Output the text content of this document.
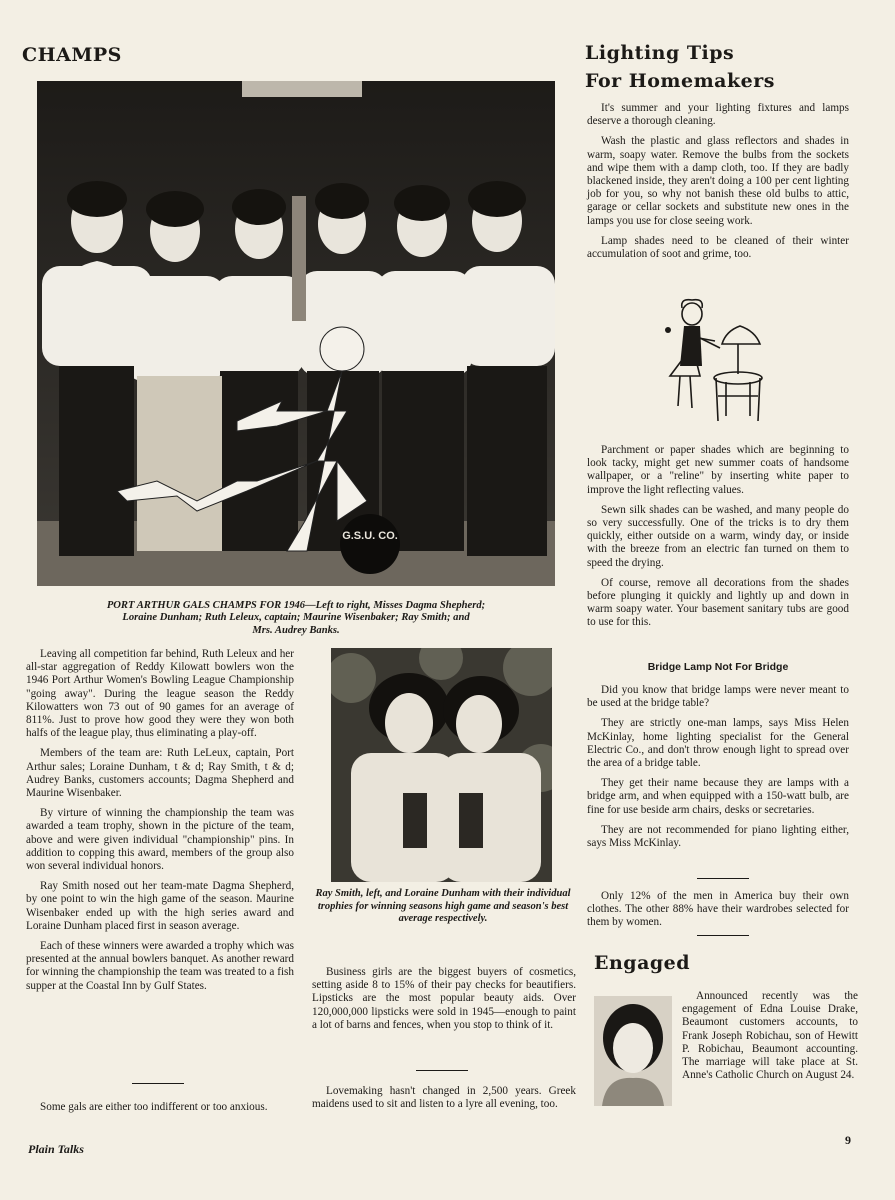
CHAMPS	Lighting Tips
For Homemakers
G.S.U. CO.
PORT ARTHUR GALS CHAMPS FOR 1946—Left to right, Misses Dagma Shepherd;
Loraine Dunham; Ruth Leleux, captain; Maurine Wisenbaker; Ray Smith; and
Mrs. Audrey Banks.

Leaving all competition far behind, Ruth Leleux and her all-star aggregation of Reddy Kilowatt bowlers won the 1946 Port Arthur Women's Bowling League Championship "going away". During the league season the Reddy Kilowatters won 73 out of 90 games for an average of 811%. Just to prove how good they were they won both halfs of the league play, thus eliminating a play-off.

Members of the team are: Ruth LeLeux, captain, Port Arthur sales; Loraine Dunham, t & d; Ray Smith, t & d; Audrey Banks, customers accounts; Dagma Shepherd and Maurine Wisenbaker.

By virture of winning the championship the team was awarded a team trophy, shown in the picture of the team, above and were given individual "championship" pins. In addition to copping this award, members of the group also won several individual honors.

Ray Smith nosed out her team-mate Dagma Shepherd, by one point to win the high game of the season. Maurine Wisenbaker ended up with the high series award and Loraine Dunham placed first in season average.

Each of these winners were awarded a trophy which was presented at the annual bowlers banquet. As another reward for winning the championship the team was treated to a fish supper at the Coastal Inn by Gulf States.

Some gals are either too indifferent or too anxious.

Ray Smith, left, and Loraine Dunham with their individual trophies for winning seasons high game and season's best average respectively.

Business girls are the biggest buyers of cosmetics, setting aside 8 to 15% of their pay checks for beautifiers. Lipsticks are the most popular beauty aids. Over 120,000,000 lipsticks were sold in 1945—enough to paint a lot of barns and fences, when you stop to think of it.

Lovemaking hasn't changed in 2,500 years. Greek maidens used to sit and listen to a lyre all evening, too.

It's summer and your lighting fixtures and lamps deserve a thorough cleaning.

Wash the plastic and glass reflectors and shades in warm, soapy water. Remove the bulbs from the sockets and wipe them with a damp cloth, too. If they are badly blackened inside, they aren't doing a 100 per cent lighting job for you, so why not banish these old bulbs to attic, garage or cellar sockets and substitute new ones in the lamps you use for close seeing work.

Lamp shades need to be cleaned of their winter accumulation of soot and grime, too.

Parchment or paper shades which are beginning to look tacky, might get new summer coats of handsome wallpaper, or a "reline" by inserting white paper to improve the light reflecting values.

Sewn silk shades can be washed, and many people do so very successfully. One of the tricks is to dry them quickly, either outside on a warm, windy day, or inside with the breeze from an electric fan turned on them to speed the drying.

Of course, remove all decorations from the shades before plunging it quickly and lightly up and down in warm soapy water. Your basement sanitary tubs are good to use for this.

Bridge Lamp Not For Bridge

Did you know that bridge lamps were never meant to be used at the bridge table?

They are strictly one-man lamps, says Miss Helen McKinlay, home lighting specialist for the General Electric Co., and don't throw enough light to spread over the area of a bridge table.

They get their name because they are lamps with a bridge arm, and when equipped with a 150-watt bulb, are fine for use beside arm chairs, desks or secretaries.

They are not recommended for piano lighting either, says Miss McKinlay.

Only 12% of the men in America buy their own clothes. The other 88% have their wardrobes selected for them by women.

Engaged

Announced recently was the engagement of Edna Louise Drake, Beaumont customers accounts, to Frank Joseph Robichau, son of Hewitt P. Robichau, Beaumont accounting. The marriage will take place at St. Anne's Catholic Church on August 24.

Plain Talks
9
